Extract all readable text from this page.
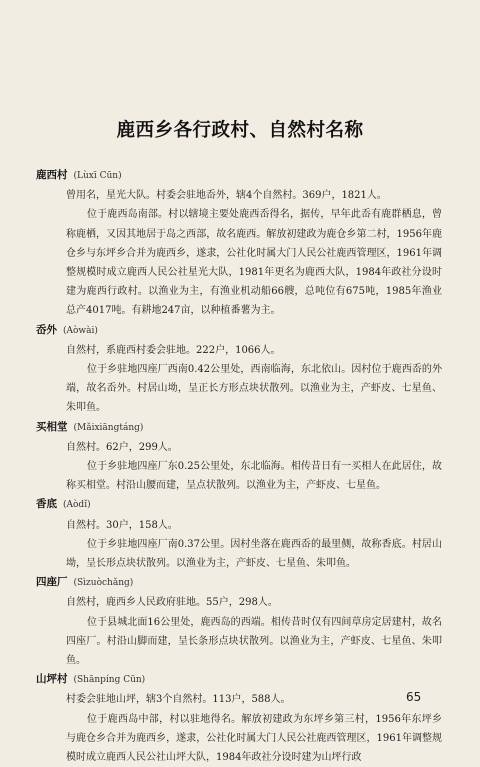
鹿西乡各行政村、自然村名称
鹿西村 (Lùxī Cūn)
曾用名，星光大队。村委会驻地岙外，辖4个自然村。369户，1821人。
位于鹿西岛南部。村以辖境主要处鹿西岙得名，据传，早年此岙有鹿群栖息，曾称鹿栖，又因其地居于岛之西部，故名鹿西。解放初建政为鹿仓乡第二村，1956年鹿仓乡与东坪乡合并为鹿西乡，遂隶，公社化时属大门人民公社鹿西管理区，1961年调整规模时成立鹿西人民公社星光大队，1981年更名为鹿西大队，1984年政社分设时建为鹿西行政村。以渔业为主，有渔业机动船66艘，总吨位有675吨，1985年渔业总产4017吨。有耕地247亩，以种植番薯为主。
岙外 (Aòwài)
自然村，系鹿西村委会驻地。222户，1066人。
位于乡驻地四座厂西南0.42公里处，西南临海，东北依山。因村位于鹿西岙的外端，故名岙外。村居山坳，呈正长方形点块状散列。以渔业为主，产虾皮、七星鱼、朱叩鱼。
买相堂 (Mǎixiāngtáng)
自然村。62户，299人。
位于乡驻地四座厂东0.25公里处，东北临海。相传昔日有一买相人在此居住，故称买相堂。村沿山腰而建，呈点状散列。以渔业为主，产虾皮、七星鱼。
香底 (Aòdǐ)
自然村。30户，158人。
位于乡驻地四座厂南0.37公里。因村坐落在鹿西岙的最里侧，故称香底。村居山坳，呈长形点块状散列。以渔业为主，产虾皮、七星鱼、朱叩鱼。
四座厂 (Sìzuòchǎng)
自然村，鹿西乡人民政府驻地。55户，298人。
位于县城北面16公里处，鹿西岛的西端。相传昔时仅有四间草房定居建村，故名四座厂。村沿山脚而建，呈长条形点块状散列。以渔业为主，产虾皮、七星鱼、朱叩鱼。
山坪村 (Shānpíng Cūn)
村委会驻地山坪，辖3个自然村。113户，588人。
位于鹿西岛中部，村以驻地得名。解放初建政为东坪乡第三村，1956年东坪乡与鹿仓乡合并为鹿西乡，遂隶，公社化时属大门人民公社鹿西管理区，1961年调整规模时成立鹿西人民公社山坪大队，1984年政社分设时建为山坪行政
65
